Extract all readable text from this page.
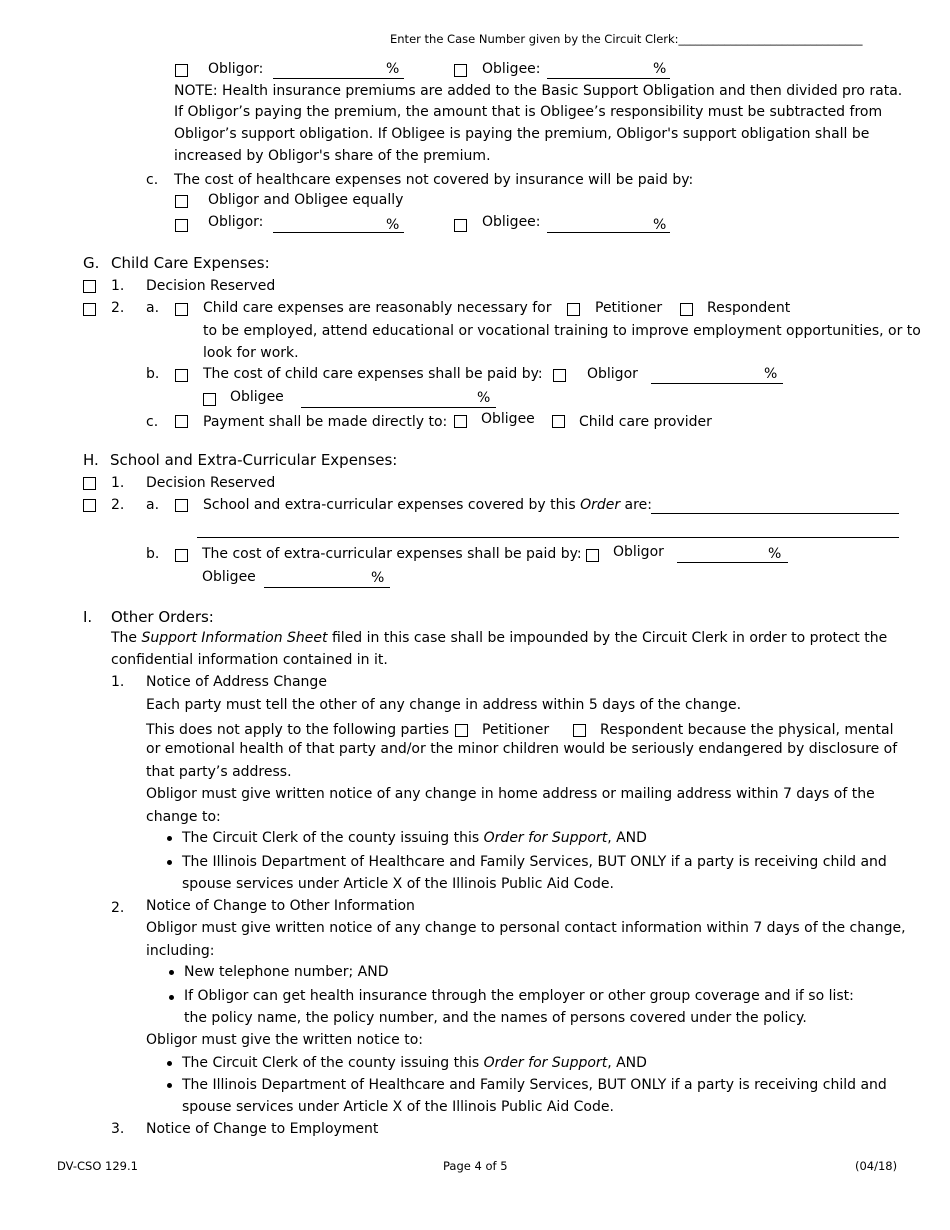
Enter the Case Number given by the Circuit Clerk:________________________________
Obligor:	%	Obligee:	%
NOTE: Health insurance premiums are added to the Basic Support Obligation and then divided pro rata.
If Obligor’s paying the premium, the amount that is Obligee’s responsibility must be subtracted from
Obligor’s support obligation. If Obligee is paying the premium, Obligor's support obligation shall be
increased by Obligor's share of the premium.
c. The cost of healthcare expenses not covered by insurance will be paid by:
Obligor and Obligee equally
Obligor:	%	Obligee:	%
G. Child Care Expenses:
1. Decision Reserved
2. a.	Child care expenses are reasonably necessary for	Petitioner	Respondent
to be employed, attend educational or vocational training to improve employment opportunities, or to
look for work.
b.	The cost of child care expenses shall be paid by:	Obligor	%
Obligee	%
c.	Payment shall be made directly to: Obligee	Child care provider
H. School and Extra-Curricular Expenses:
1. Decision Reserved
2. a.	School and extra-curricular expenses covered by this Order are:
b.	The cost of extra-curricular expenses shall be paid by: Obligor	%
Obligee	%
I. Other Orders:
The Support Information Sheet filed in this case shall be impounded by the Circuit Clerk in order to protect the
confidential information contained in it.
1. Notice of Address Change
Each party must tell the other of any change in address within 5 days of the change.
This does not apply to the following parties Petitioner	Respondent because the physical, mental
or emotional health of that party and/or the minor children would be seriously endangered by disclosure of
that party’s address.
Obligor must give written notice of any change in home address or mailing address within 7 days of the
change to:
The Circuit Clerk of the county issuing this Order for Support, AND
The Illinois Department of Healthcare and Family Services, BUT ONLY if a party is receiving child and
spouse services under Article X of the Illinois Public Aid Code.
2. Notice of Change to Other Information
Obligor must give written notice of any change to personal contact information within 7 days of the change,
including:
New telephone number; AND
If Obligor can get health insurance through the employer or other group coverage and if so list:
the policy name, the policy number, and the names of persons covered under the policy.
Obligor must give the written notice to:
The Circuit Clerk of the county issuing this Order for Support, AND
The Illinois Department of Healthcare and Family Services, BUT ONLY if a party is receiving child and
spouse services under Article X of the Illinois Public Aid Code.
3. Notice of Change to Employment
DV-CSO 129.1	Page 4 of 5	(04/18)
